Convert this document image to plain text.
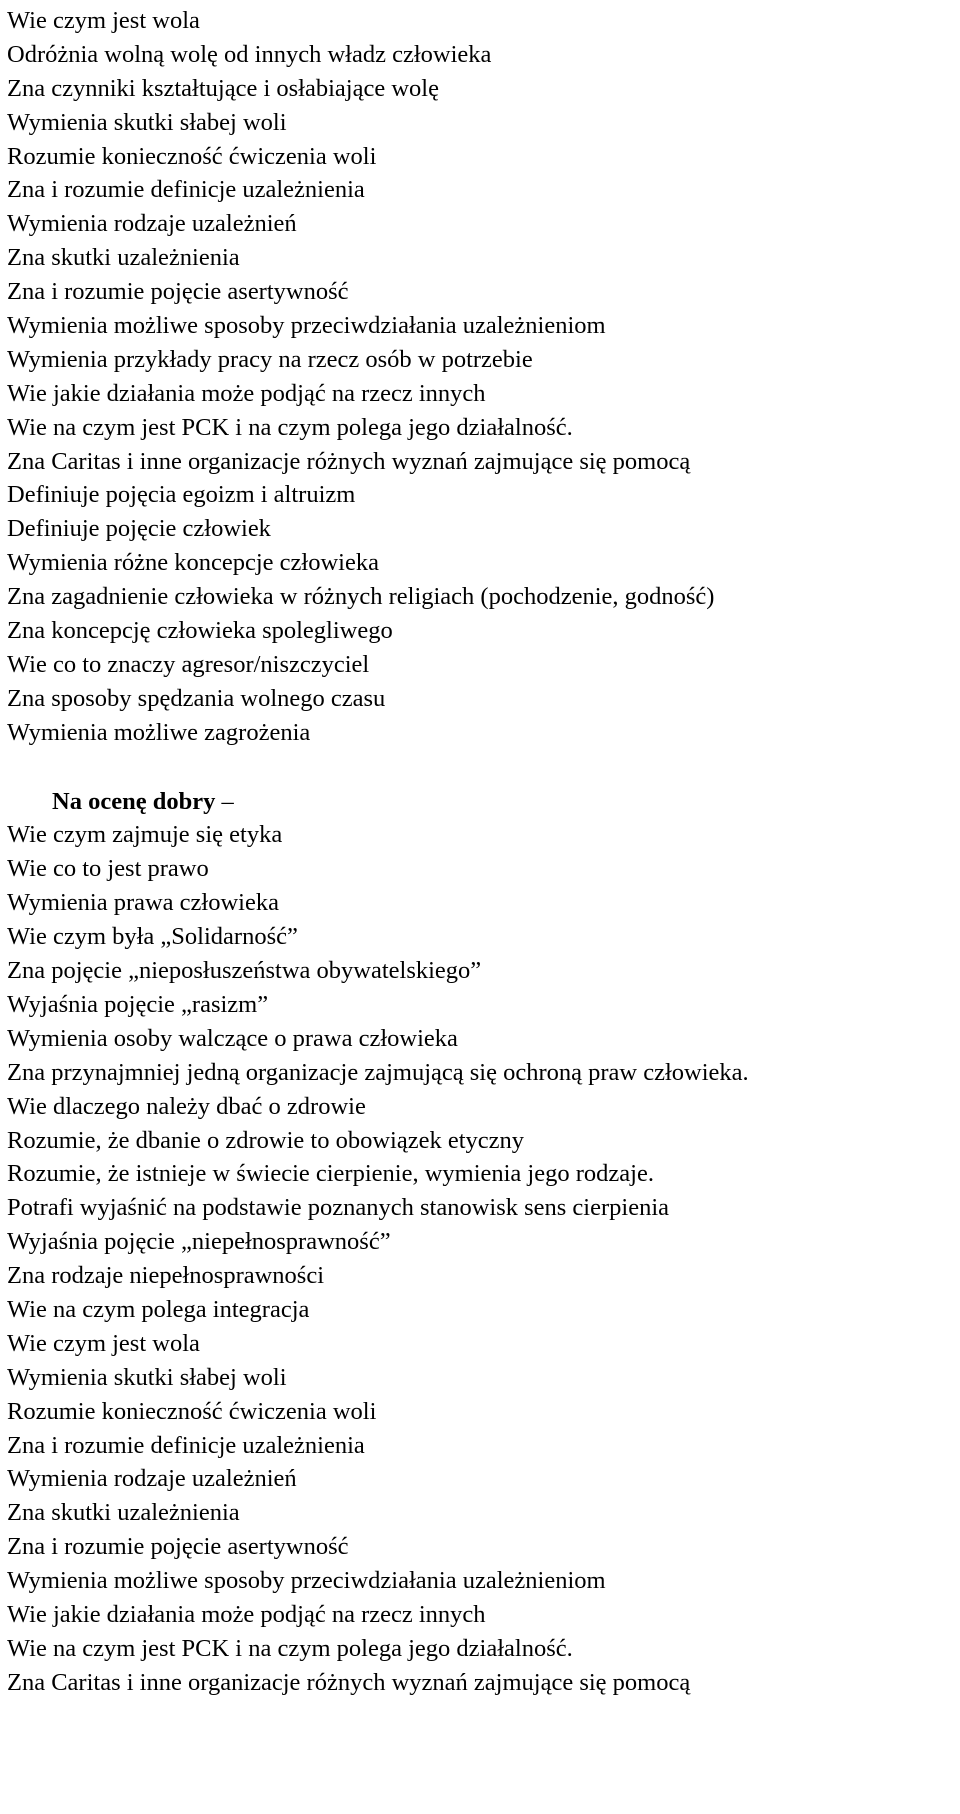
Wie czym jest wola
Odróżnia wolną wolę od innych władz człowieka
Zna czynniki kształtujące i osłabiające wolę
Wymienia skutki słabej woli
Rozumie konieczność ćwiczenia woli
Zna i rozumie definicje uzależnienia
Wymienia rodzaje uzależnień
Zna skutki uzależnienia
Zna i rozumie pojęcie asertywność
Wymienia możliwe sposoby przeciwdziałania uzależnieniom
Wymienia przykłady pracy na rzecz osób w potrzebie
Wie jakie działania może podjąć na rzecz innych
Wie na czym jest PCK i na czym polega jego działalność.
Zna Caritas i inne organizacje różnych wyznań zajmujące się pomocą
Definiuje pojęcia egoizm i altruizm
Definiuje pojęcie człowiek
Wymienia różne koncepcje człowieka
Zna zagadnienie człowieka w różnych religiach (pochodzenie, godność)
Zna koncepcję człowieka spolegliwego
Wie co to znaczy agresor/niszczyciel
Zna sposoby spędzania wolnego czasu
Wymienia możliwe zagrożenia
Na ocenę dobry –
Wie czym zajmuje się etyka
Wie co to jest prawo
Wymienia prawa człowieka
Wie czym była „Solidarność”
Zna pojęcie „nieposłuszeństwa obywatelskiego”
Wyjaśnia pojęcie „rasizm”
Wymienia osoby walczące o prawa człowieka
Zna przynajmniej jedną organizacje zajmującą się ochroną praw człowieka.
Wie dlaczego należy dbać o zdrowie
Rozumie, że dbanie o zdrowie to obowiązek etyczny
Rozumie, że istnieje w świecie cierpienie, wymienia jego rodzaje.
Potrafi wyjaśnić na podstawie poznanych stanowisk sens cierpienia
Wyjaśnia pojęcie „niepełnosprawność”
Zna rodzaje niepełnosprawności
Wie na czym polega integracja
Wie czym jest wola
Wymienia skutki słabej woli
Rozumie konieczność ćwiczenia woli
Zna i rozumie definicje uzależnienia
Wymienia rodzaje uzależnień
Zna skutki uzależnienia
Zna i rozumie pojęcie asertywność
Wymienia możliwe sposoby przeciwdziałania uzależnieniom
Wie jakie działania może podjąć na rzecz innych
Wie na czym jest PCK i na czym polega jego działalność.
Zna Caritas i inne organizacje różnych wyznań zajmujące się pomocą
